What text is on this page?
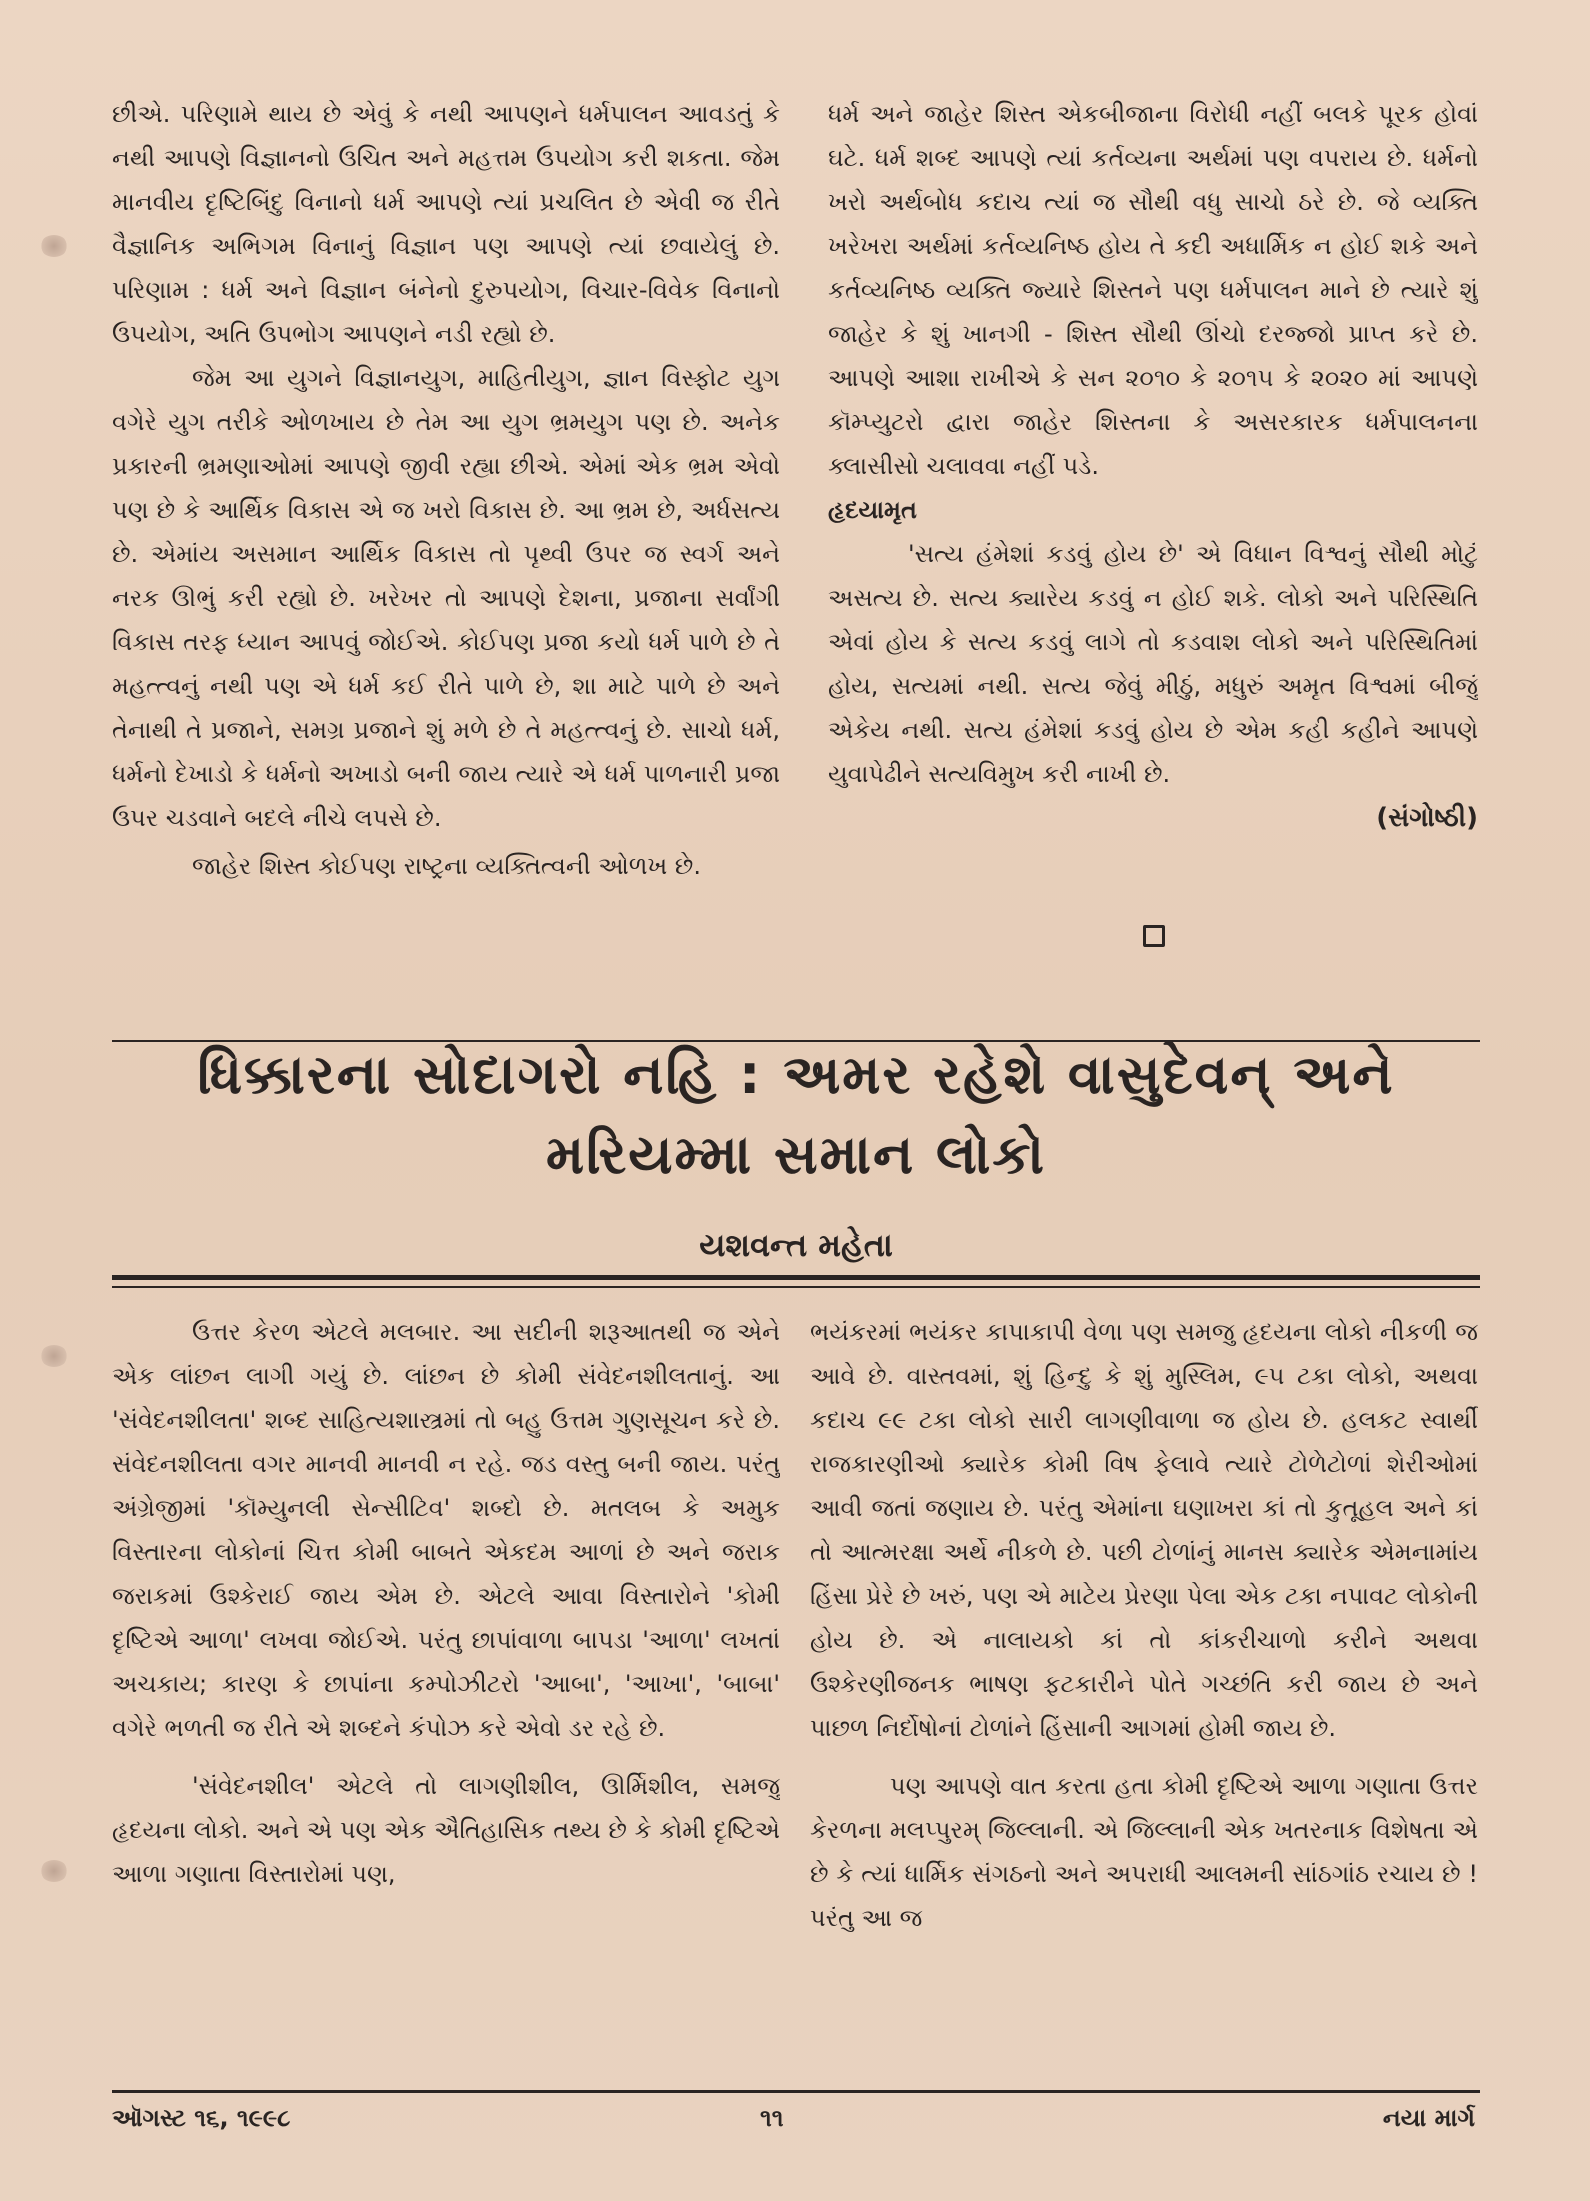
છીએ. પરિણામે થાય છે એવું કે નથી આપણને ધર્મપાલન આવડતું કે નથી આપણે વિજ્ઞાનનો ઉચિત અને મહત્તમ ઉપયોગ કરી શકતા. જેમ માનવીય દૃષ્ટિબિંદુ વિનાનો ધર્મ આપણે ત્યાં પ્રચલિત છે એવી જ રીતે વૈજ્ઞાનિક અભિગમ વિનાનું વિજ્ઞાન પણ આપણે ત્યાં છવાયેલું છે. પરિણામ : ધર્મ અને વિજ્ઞાન બંનેનો દુરુપયોગ, વિચાર-વિવેક વિનાનો ઉપયોગ, અતિ ઉપભોગ આપણને નડી રહ્યો છે.

જેમ આ યુગને વિજ્ઞાનયુગ, માહિતીયુગ, જ્ઞાન વિસ્ફોટ યુગ વગેરે યુગ તરીકે ઓળખાય છે તેમ આ યુગ ભ્રમયુગ પણ છે. અનેક પ્રકારની ભ્રમણાઓમાં આપણે જીવી રહ્યા છીએ. એમાં એક ભ્રમ એવો પણ છે કે આર્થિક વિકાસ એ જ ખરો વિકાસ છે. આ ભ્રમ છે, અર્ધસત્ય છે. એમાંય અસમાન આર્થિક વિકાસ તો પૃથ્વી ઉપર જ સ્વર્ગ અને નરક ઊભું કરી રહ્યો છે. ખરેખર તો આપણે દેશના, પ્રજાના સર્વાંગી વિકાસ તરફ ધ્યાન આપવું જોઈએ. કોઈપણ પ્રજા કયો ધર્મ પાળે છે તે મહત્ત્વનું નથી પણ એ ધર્મ કઈ રીતે પાળે છે, શા માટે પાળે છે અને તેનાથી તે પ્રજાને, સમગ્ર પ્રજાને શું મળે છે તે મહત્ત્વનું છે. સાચો ધર્મ, ધર્મનો દેખાડો કે ધર્મનો અખાડો બની જાય ત્યારે એ ધર્મ પાળનારી પ્રજા ઉપર ચડવાને બદલે નીચે લપસે છે.

જાહેર શિસ્ત કોઈપણ રાષ્ટ્રના વ્યક્તિત્વની ઓળખ છે.

ધર્મ અને જાહેર શિસ્ત એકબીજાના વિરોધી નહીં બલકે પૂરક હોવાં ઘટે. ધર્મ શબ્દ આપણે ત્યાં કર્તવ્યના અર્થમાં પણ વપરાય છે. ધર્મનો ખરો અર્થબોધ કદાચ ત્યાં જ સૌથી વધુ સાચો ઠરે છે. જે વ્યક્તિ ખરેખરા અર્થમાં કર્તવ્યનિષ્ઠ હોય તે કદી અધાર્મિક ન હોઈ શકે અને કર્તવ્યનિષ્ઠ વ્યક્તિ જ્યારે શિસ્તને પણ ધર્મપાલન માને છે ત્યારે શું જાહેર કે શું ખાનગી - શિસ્ત સૌથી ઊંચો દરજ્જો પ્રાપ્ત કરે છે. આપણે આશા રાખીએ કે સન ૨૦૧૦ કે ૨૦૧૫ કે ૨૦૨૦ માં આપણે કૉમ્પ્યુટરો દ્વારા જાહેર શિસ્તના કે અસરકારક ધર્મપાલનના ક્લાસીસો ચલાવવા નહીં પડે.

હૃદયામૃત

'સત્ય હંમેશાં કડવું હોય છે' એ વિધાન વિશ્વનું સૌથી મોટું અસત્ય છે. સત્ય ક્યારેય કડવું ન હોઈ શકે. લોકો અને પરિસ્થિતિ એવાં હોય કે સત્ય કડવું લાગે તો કડવાશ લોકો અને પરિસ્થિતિમાં હોય, સત્યમાં નથી. સત્ય જેવું મીઠું, મધુરું અમૃત વિશ્વમાં બીજું એકેય નથી. સત્ય હંમેશાં કડવું હોય છે એમ કહી કહીને આપણે યુવાપેઢીને સત્યવિમુખ કરી નાખી છે.

(સંગોષ્ઠી)

ધિક્કારના સોદાગરો નહિ : અમર રહેશે વાસુદેવન્ અને
મરિયમ્મા સમાન લોકો

યશવન્ત મહેતા

ઉત્તર કેરળ એટલે મલબાર. આ સદીની શરૂઆતથી જ એને એક લાંછન લાગી ગયું છે. લાંછન છે કોમી સંવેદનશીલતાનું. આ 'સંવેદનશીલતા' શબ્દ સાહિત્યશાસ્ત્રમાં તો બહુ ઉત્તમ ગુણસૂચન કરે છે. સંવેદનશીલતા વગર માનવી માનવી ન રહે. જડ વસ્તુ બની જાય. પરંતુ અંગ્રેજીમાં 'કૉમ્યુનલી સેન્સીટિવ' શબ્દો છે. મતલબ કે અમુક વિસ્તારના લોકોનાં ચિત્ત કોમી બાબતે એકદમ આળાં છે અને જરાક જરાકમાં ઉશ્કેરાઈ જાય એમ છે. એટલે આવા વિસ્તારોને 'કોમી દૃષ્ટિએ આળા' લખવા જોઈએ. પરંતુ છાપાંવાળા બાપડા 'આળા' લખતાં અચકાય; કારણ કે છાપાંના કમ્પોઝીટરો 'આબા', 'આખા', 'બાબા' વગેરે ભળતી જ રીતે એ શબ્દને કંપોઝ કરે એવો ડર રહે છે.

'સંવેદનશીલ' એટલે તો લાગણીશીલ, ઊર્મિશીલ, સમજુ હૃદયના લોકો. અને એ પણ એક ઐતિહાસિક તથ્ય છે કે કોમી દૃષ્ટિએ આળા ગણાતા વિસ્તારોમાં પણ,

ભયંકરમાં ભયંકર કાપાકાપી વેળા પણ સમજુ હૃદયના લોકો નીકળી જ આવે છે. વાસ્તવમાં, શું હિન્દુ કે શું મુસ્લિમ, ૯૫ ટકા લોકો, અથવા કદાચ ૯૯ ટકા લોકો સારી લાગણીવાળા જ હોય છે. હલકટ સ્વાર્થી રાજકારણીઓ ક્યારેક કોમી વિષ ફેલાવે ત્યારે ટોળેટોળાં શેરીઓમાં આવી જતાં જણાય છે. પરંતુ એમાંના ઘણાખરા કાં તો કુતૂહલ અને કાં તો આત્મરક્ષા અર્થે નીકળે છે. પછી ટોળાંનું માનસ ક્યારેક એમનામાંય હિંસા પ્રેરે છે ખરું, પણ એ માટેય પ્રેરણા પેલા એક ટકા નપાવટ લોકોની હોય છે. એ નાલાયકો કાં તો કાંકરીચાળો કરીને અથવા ઉશ્કેરણીજનક ભાષણ ફટકારીને પોતે ગચ્છંતિ કરી જાય છે અને પાછળ નિર્દોષોનાં ટોળાંને હિંસાની આગમાં હોમી જાય છે.

પણ આપણે વાત કરતા હતા કોમી દૃષ્ટિએ આળા ગણાતા ઉત્તર કેરળના મલપ્પુરમ્ જિલ્લાની. એ જિલ્લાની એક ખતરનાક વિશેષતા એ છે કે ત્યાં ધાર્મિક સંગઠનો અને અપરાધી આલમની સાંઠગાંઠ રચાય છે ! પરંતુ આ જ

ઑગસ્ટ ૧૬, ૧૯૯૮	૧૧	નયા માર્ગ
